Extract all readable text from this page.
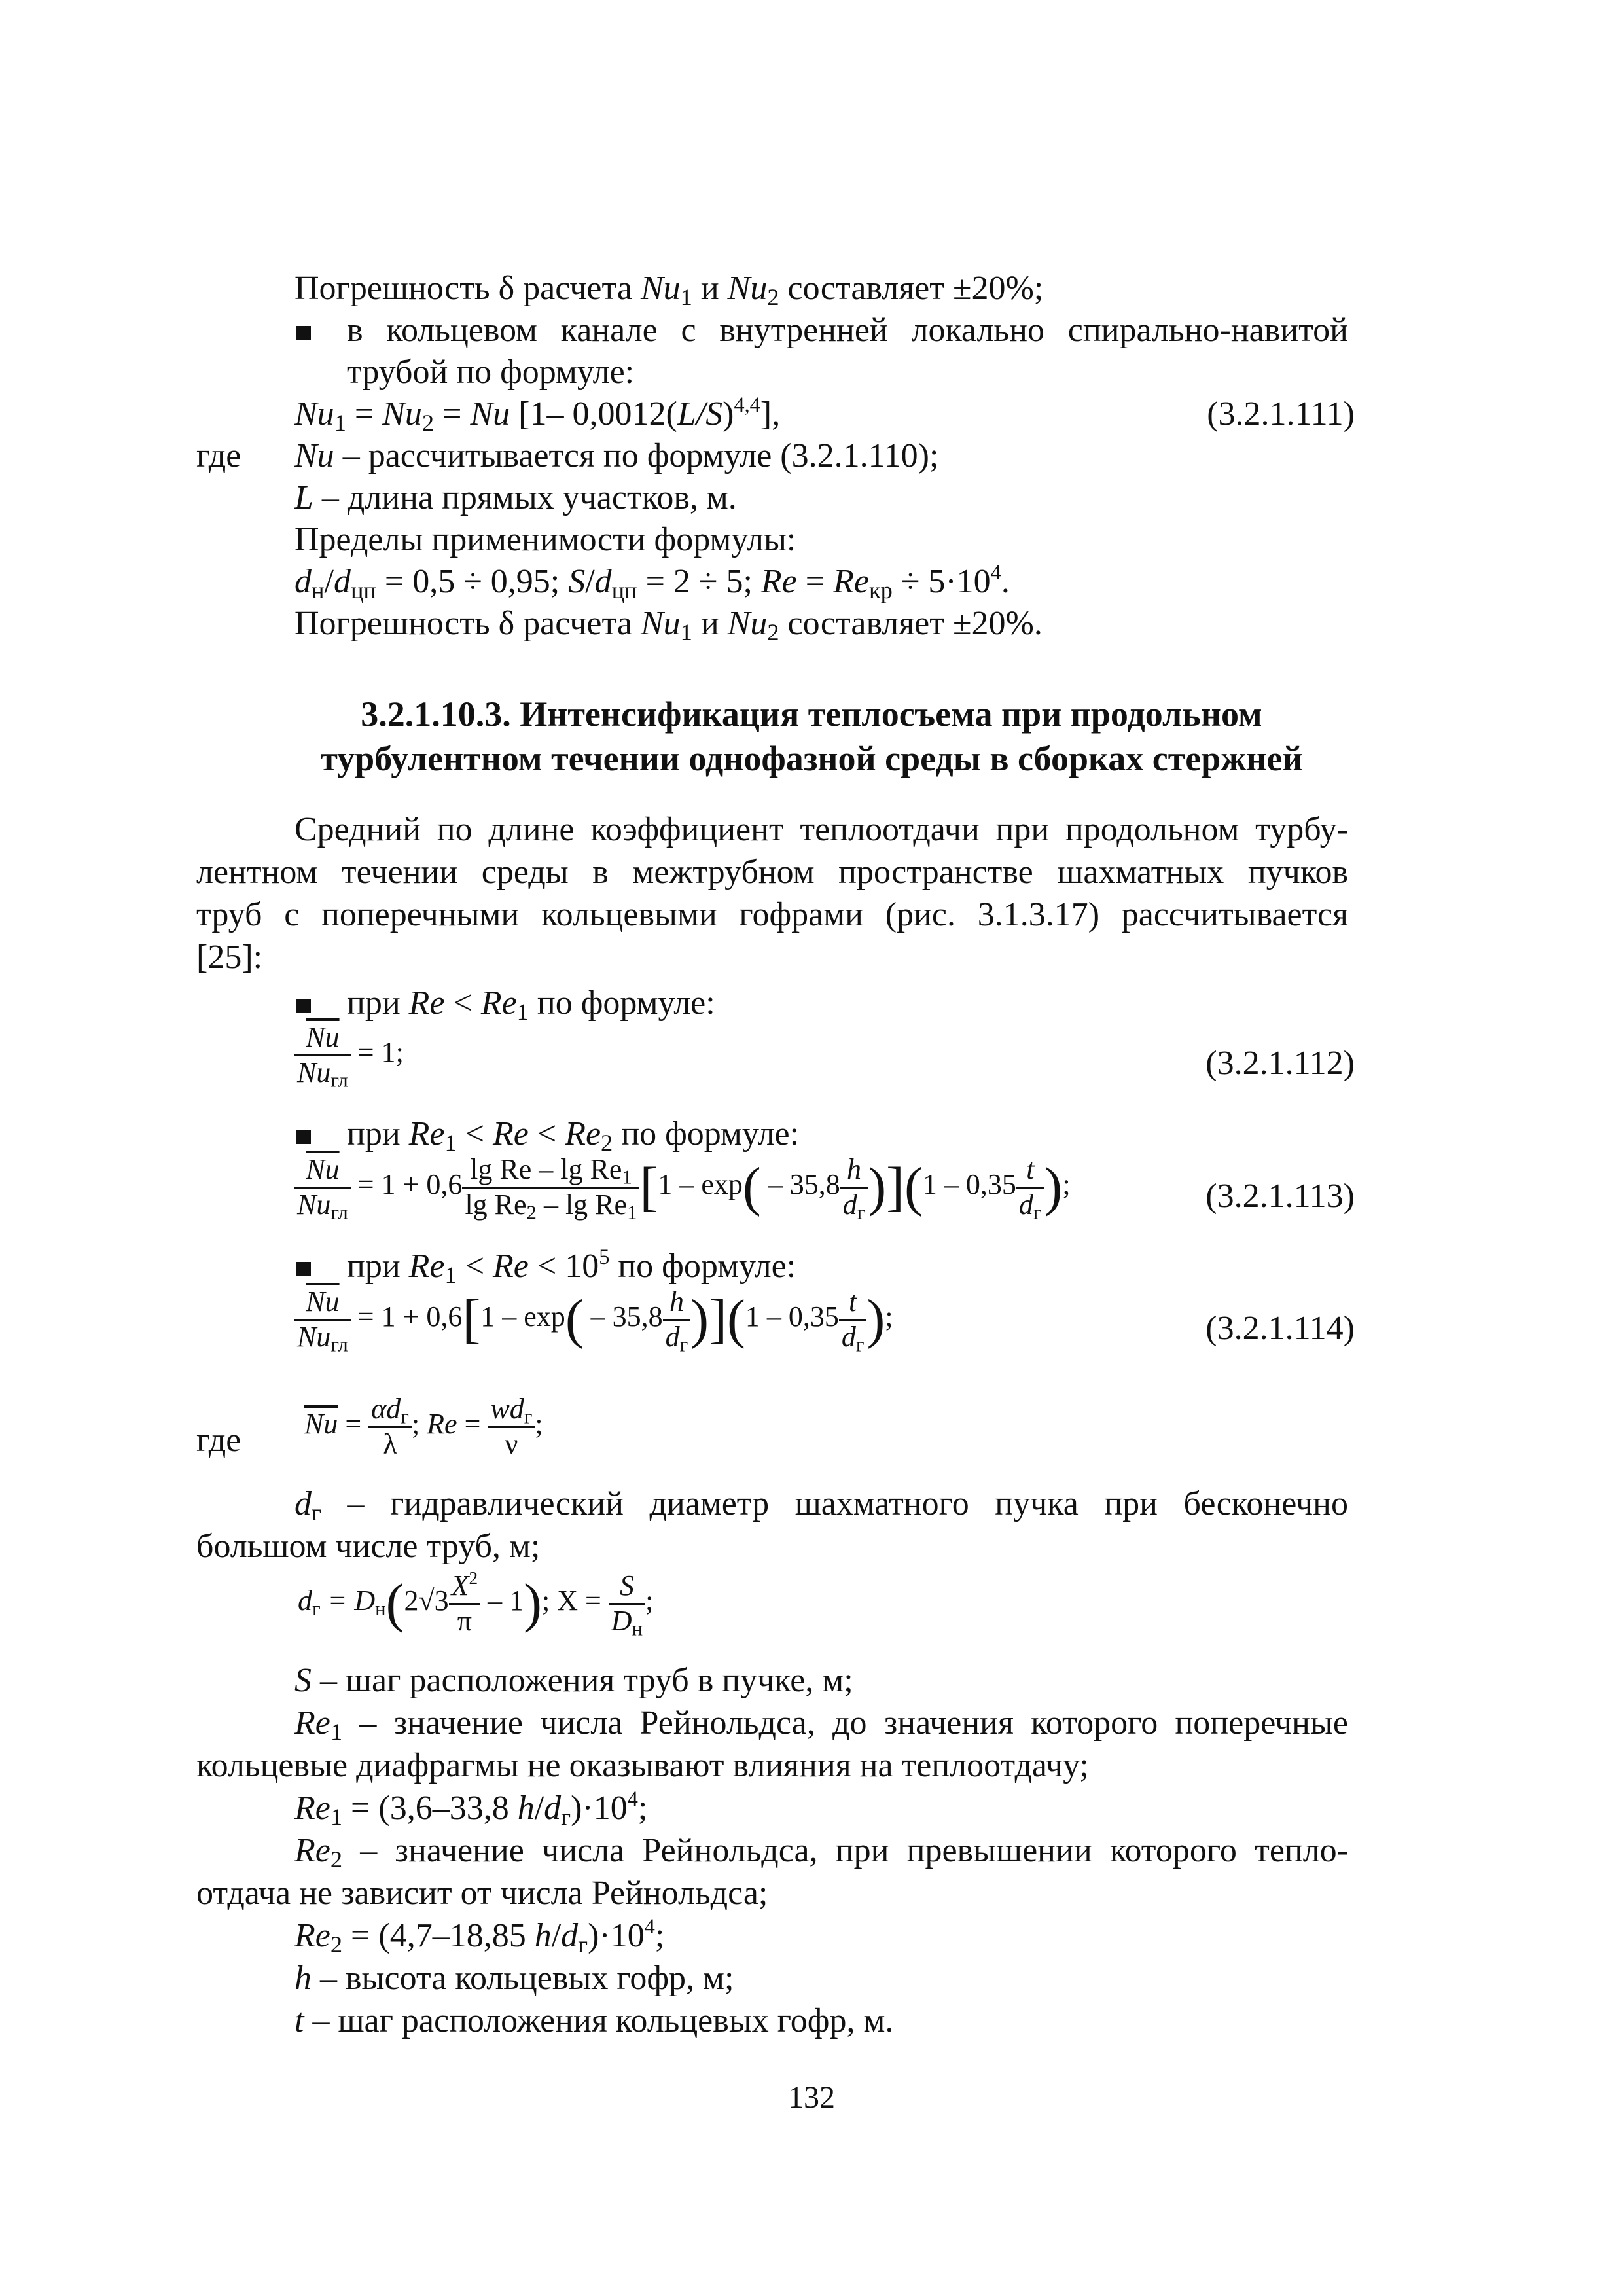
Погрешность δ расчета $Nu_1$ и $Nu_2$ составляет ±20%;
в кольцевом канале с внутренней локально спирально-навитой
трубой по формуле:
$Nu_1 = Nu_2 = Nu$ [1– $0,0012(L/S)^{4,4}$],	(3.2.1.111)
где Nu – рассчитывается по формуле (3.2.1.110);
L – длина прямых участков, м.
Пределы применимости формулы:
$d_н/d_{цп} = 0,5 \div 0,95$; $S/d_{цп} = 2 \div 5$; $Re = Re_{кр} \div 5\cdot 10^4$.
Погрешность δ расчета $Nu_1$ и $Nu_2$ составляет ±20%.
3.2.1.10.3. Интенсификация теплосъема при продольном
турбулентном течении однофазной среды в сборках стержней
Средний по длине коэффициент теплоотдачи при продольном турбу-
лентном течении среды в межтрубном пространстве шахматных пучков
труб с поперечными кольцевыми гофрами (рис. 3.1.3.17) рассчитывается
[25]:
при $Re < Re_1$ по формуле:
$\overline{Nu}$
$Nu_{гл}$
= 1;	(3.2.1.112)
при $Re_1 < Re < Re_2$ по формуле:
$\overline{Nu}$
$Nu_{гл}$
= $1 + 0,6 \frac{\lg Re - \lg Re_1}{\lg Re_2 - \lg Re_1} [1 - \exp( - 35,8$ h
$d_г$ )](1 – 0,35 t
$d_г$ );	(3.2.1.113)
при $Re_1 < Re < 10^5$ по формуле:
$\overline{Nu}$
$Nu_{гл}$
= 1 + 0,6[1 – exp( – 35,8 h
$d_г$ )](1 – 0,35 t
$d_г$ );	(3.2.1.114)
где $\overline{Nu} = \alpha d_г$
λ
; $Re = wd_г$
ν
;
$d_г$ – гидравлический диаметр шахматного пучка при бесконечно
большом числе труб, м;
$d_г = D_н(2√3 \frac{X^2}{\pi} - 1)$; X = S
$D_н$
;
S – шаг расположения труб в пучке, м;
$Re_1$ – значение числа Рейнольдса, до значения которого поперечные
кольцевые диафрагмы не оказывают влияния на теплоотдачу;
$Re_1 = (3,6-33,8$ $h/d_г)\cdot 10^4$;
$Re_2$ – значение числа Рейнольдса, при превышении которого тепло-
отдача не зависит от числа Рейнольдса;
$Re_2 = (4,7-18,85$ $h/d_г)\cdot 10^4$;
h – высота кольцевых гофр, м;
t – шаг расположения кольцевых гофр, м.
132
